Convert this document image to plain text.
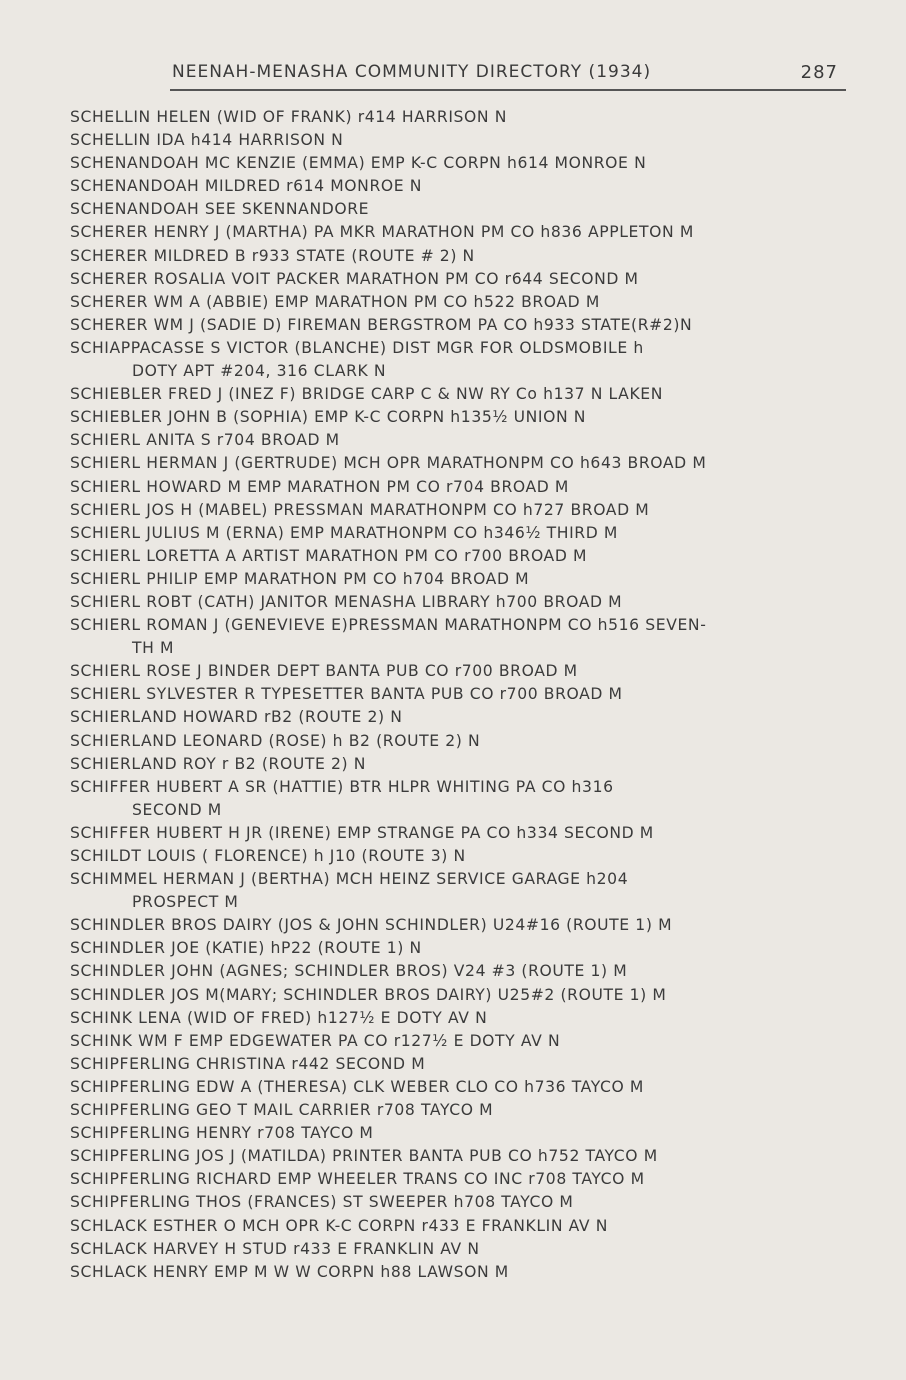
NEENAH-MENASHA COMMUNITY DIRECTORY (1934)	287
SCHELLIN HELEN (WID OF FRANK) r414 HARRISON N
SCHELLIN IDA h414 HARRISON N
SCHENANDOAH MC KENZIE (EMMA) EMP K-C CORPN h614 MONROE N
SCHENANDOAH MILDRED r614 MONROE N
SCHENANDOAH SEE SKENNANDORE
SCHERER HENRY J (MARTHA) PA MKR MARATHON PM CO h836 APPLETON M
SCHERER MILDRED B r933 STATE (ROUTE # 2) N
SCHERER ROSALIA VOIT PACKER MARATHON PM CO r644 SECOND M
SCHERER WM A (ABBIE) EMP MARATHON PM CO h522 BROAD M
SCHERER WM J (SADIE D) FIREMAN BERGSTROM PA CO h933 STATE(R#2)N
SCHIAPPACASSE S VICTOR (BLANCHE) DIST MGR FOR OLDSMOBILE h
DOTY APT #204, 316 CLARK N
SCHIEBLER FRED J (INEZ F) BRIDGE CARP C & NW RY Co h137 N LAKEN
SCHIEBLER JOHN B (SOPHIA) EMP K-C CORPN h135½ UNION N
SCHIERL ANITA S r704 BROAD M
SCHIERL HERMAN J (GERTRUDE) MCH OPR MARATHONPM CO h643 BROAD M
SCHIERL HOWARD M EMP MARATHON PM CO r704 BROAD M
SCHIERL JOS H (MABEL) PRESSMAN MARATHONPM CO h727 BROAD M
SCHIERL JULIUS M (ERNA) EMP MARATHONPM CO h346½ THIRD M
SCHIERL LORETTA A ARTIST MARATHON PM CO r700 BROAD M
SCHIERL PHILIP EMP MARATHON PM CO h704 BROAD M
SCHIERL ROBT (CATH) JANITOR MENASHA LIBRARY h700 BROAD M
SCHIERL ROMAN J (GENEVIEVE E)PRESSMAN MARATHONPM CO h516 SEVEN-
TH M
SCHIERL ROSE J BINDER DEPT BANTA PUB CO r700 BROAD M
SCHIERL SYLVESTER R TYPESETTER BANTA PUB CO r700 BROAD M
SCHIERLAND HOWARD rB2 (ROUTE 2) N
SCHIERLAND LEONARD (ROSE) h B2 (ROUTE 2) N
SCHIERLAND ROY r B2 (ROUTE 2) N
SCHIFFER HUBERT A SR (HATTIE) BTR HLPR WHITING PA CO h316
SECOND M
SCHIFFER HUBERT H JR (IRENE) EMP STRANGE PA CO h334 SECOND M
SCHILDT LOUIS ( FLORENCE) h J10 (ROUTE 3) N
SCHIMMEL HERMAN J (BERTHA) MCH HEINZ SERVICE GARAGE h204
PROSPECT M
SCHINDLER BROS DAIRY (JOS & JOHN SCHINDLER) U24#16 (ROUTE 1) M
SCHINDLER JOE (KATIE) hP22 (ROUTE 1) N
SCHINDLER JOHN (AGNES; SCHINDLER BROS) V24 #3 (ROUTE 1) M
SCHINDLER JOS M(MARY; SCHINDLER BROS DAIRY) U25#2 (ROUTE 1) M
SCHINK LENA (WID OF FRED) h127½ E DOTY AV N
SCHINK WM F EMP EDGEWATER PA CO r127½ E DOTY AV N
SCHIPFERLING CHRISTINA r442 SECOND M
SCHIPFERLING EDW A (THERESA) CLK WEBER CLO CO h736 TAYCO M
SCHIPFERLING GEO T MAIL CARRIER r708 TAYCO M
SCHIPFERLING HENRY r708 TAYCO M
SCHIPFERLING JOS J (MATILDA) PRINTER BANTA PUB CO h752 TAYCO M
SCHIPFERLING RICHARD EMP WHEELER TRANS CO INC r708 TAYCO M
SCHIPFERLING THOS (FRANCES) ST SWEEPER h708 TAYCO M
SCHLACK ESTHER O MCH OPR K-C CORPN r433 E FRANKLIN AV N
SCHLACK HARVEY H STUD r433 E FRANKLIN AV N
SCHLACK HENRY EMP M W W CORPN h88 LAWSON M
